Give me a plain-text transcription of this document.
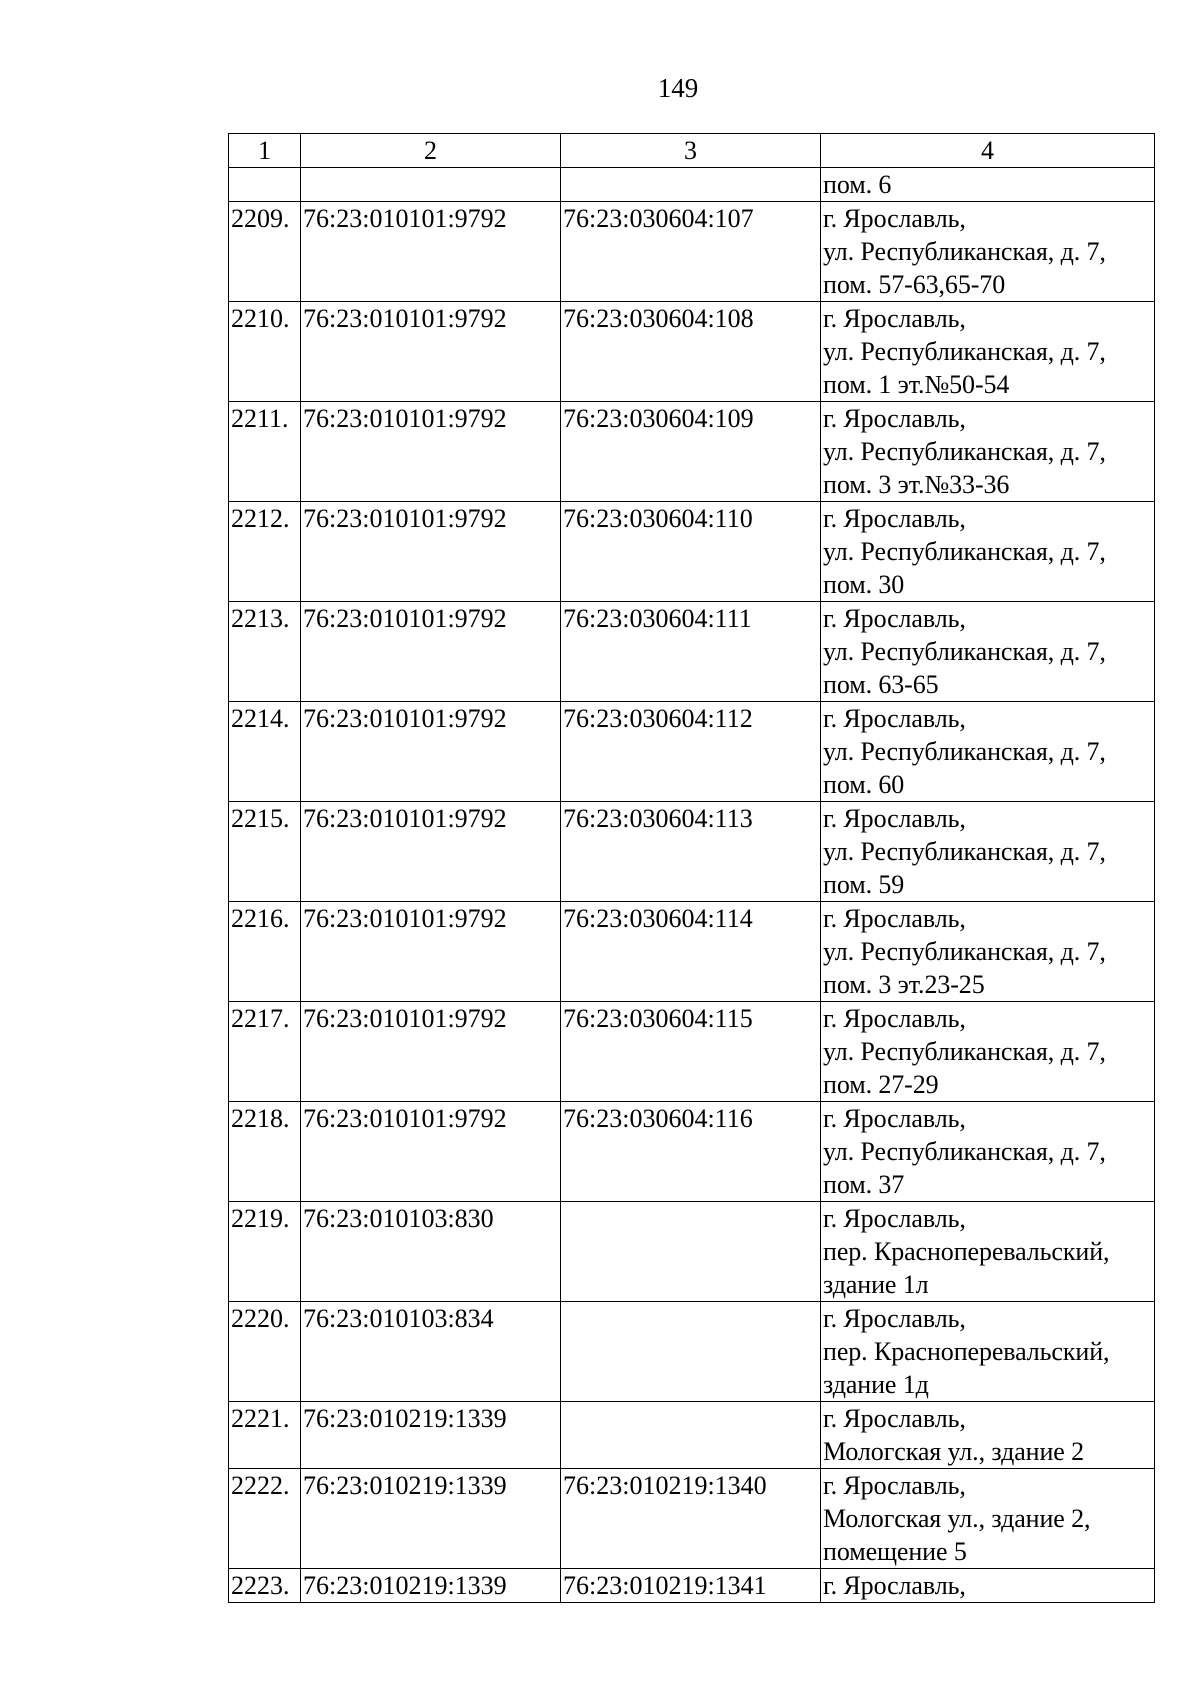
149
1	2	3	4
			пом. 6
2209.	76:23:010101:9792	76:23:030604:107	г. Ярославль,
ул. Республиканская, д. 7,
пом. 57-63,65-70
2210.	76:23:010101:9792	76:23:030604:108	г. Ярославль,
ул. Республиканская, д. 7,
пом. 1 эт.№50-54
2211.	76:23:010101:9792	76:23:030604:109	г. Ярославль,
ул. Республиканская, д. 7,
пом. 3 эт.№33-36
2212.	76:23:010101:9792	76:23:030604:110	г. Ярославль,
ул. Республиканская, д. 7,
пом. 30
2213.	76:23:010101:9792	76:23:030604:111	г. Ярославль,
ул. Республиканская, д. 7,
пом. 63-65
2214.	76:23:010101:9792	76:23:030604:112	г. Ярославль,
ул. Республиканская, д. 7,
пом. 60
2215.	76:23:010101:9792	76:23:030604:113	г. Ярославль,
ул. Республиканская, д. 7,
пом. 59
2216.	76:23:010101:9792	76:23:030604:114	г. Ярославль,
ул. Республиканская, д. 7,
пом. 3 эт.23-25
2217.	76:23:010101:9792	76:23:030604:115	г. Ярославль,
ул. Республиканская, д. 7,
пом. 27-29
2218.	76:23:010101:9792	76:23:030604:116	г. Ярославль,
ул. Республиканская, д. 7,
пом. 37
2219.	76:23:010103:830		г. Ярославль,
пер. Красноперевальский,
здание 1л
2220.	76:23:010103:834		г. Ярославль,
пер. Красноперевальский,
здание 1д
2221.	76:23:010219:1339		г. Ярославль,
Мологская ул., здание 2
2222.	76:23:010219:1339	76:23:010219:1340	г. Ярославль,
Мологская ул., здание 2,
помещение 5
2223.	76:23:010219:1339	76:23:010219:1341	г. Ярославль,
